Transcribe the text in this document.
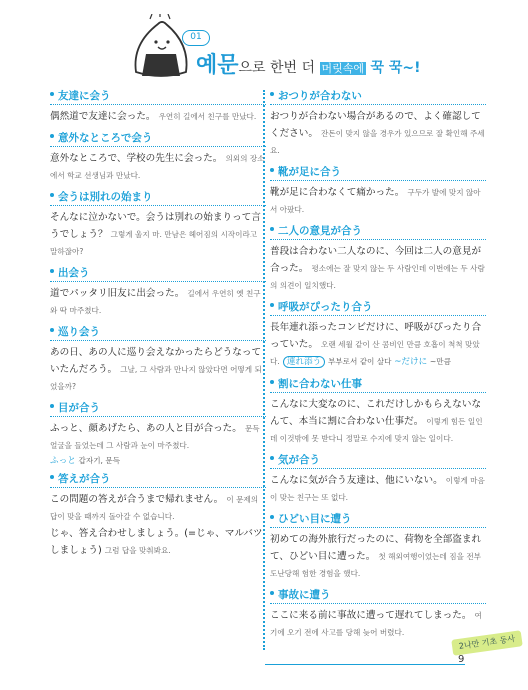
01
예문으로 한번 더 머릿속에 꾹 꾹~!
友達に会う
偶然道で友達に会った。 우연히 길에서 친구를 만났다.
意外なところで会う
意外なところで、学校の先生に会った。 의외의 장소에서 학교 선생님과 만났다.
会うは別れの始まり
そんなに泣かないで。会うは別れの始まりって言うでしょう？ 그렇게 울지 마. 만남은 헤어짐의 시작이라고 말하잖아?
出会う
道でパッタリ旧友に出会った。 길에서 우연히 옛 친구와 딱 마주쳤다.
巡り会う
あの日、あの人に巡り会えなかったらどうなっていたんだろう。 그날, 그 사람과 만나지 않았다면 어떻게 되었을까?
目が合う
ふっと、顔あげたら、あの人と目が合った。 문득 얼굴을 들었는데 그 사람과 눈이 마주쳤다.
ふっと 갑자기, 문득
答えが合う
この問題の答えが合うまで帰れません。 이 문제의 답이 맞을 때까지 돌아갈 수 없습니다.
じゃ、答え合わせしましょう。(=じゃ、マルバツしましょう) 그럼 답을 맞춰봐요.
おつりが合わない
おつりが合わない場合があるので、よく確認してください。 잔돈이 맞지 않을 경우가 있으므로 잘 확인해 주세요.
靴が足に合う
靴が足に合わなくて痛かった。 구두가 발에 맞지 않아서 아팠다.
二人の意見が合う
普段は合わない二人なのに、今回は二人の意見が合った。 평소에는 잘 맞지 않는 두 사람인데 이번에는 두 사람의 의견이 일치했다.
呼吸がぴったり合う
長年連れ添ったコンビだけに、呼吸がぴったり合っていた。 오랜 세월 같이 산 콤비인 만큼 호흡이 척척 맞았다. 連れ添う 부부로서 같이 살다 ~だけに ~만큼
割に合わない仕事
こんなに大変なのに、これだけしかもらえないなんて、本当に割に合わない仕事だ。 이렇게 힘든 일인데 이것밖에 못 받다니 정말로 수지에 맞지 않는 일이다.
気が合う
こんなに気が合う友達は、他にいない。 이렇게 마음이 맞는 친구는 또 없다.
ひどい目に遭う
初めての海外旅行だったのに、荷物を全部盗まれて、ひどい目に遭った。 첫 해외여행이었는데 짐을 전부 도난당해 험한 경험을 했다.
事故に遭う
ここに来る前に事故に遭って遅れてしまった。 여기에 오기 전에 사고를 당해 늦어 버렸다.
2나만 기초 동사
9
